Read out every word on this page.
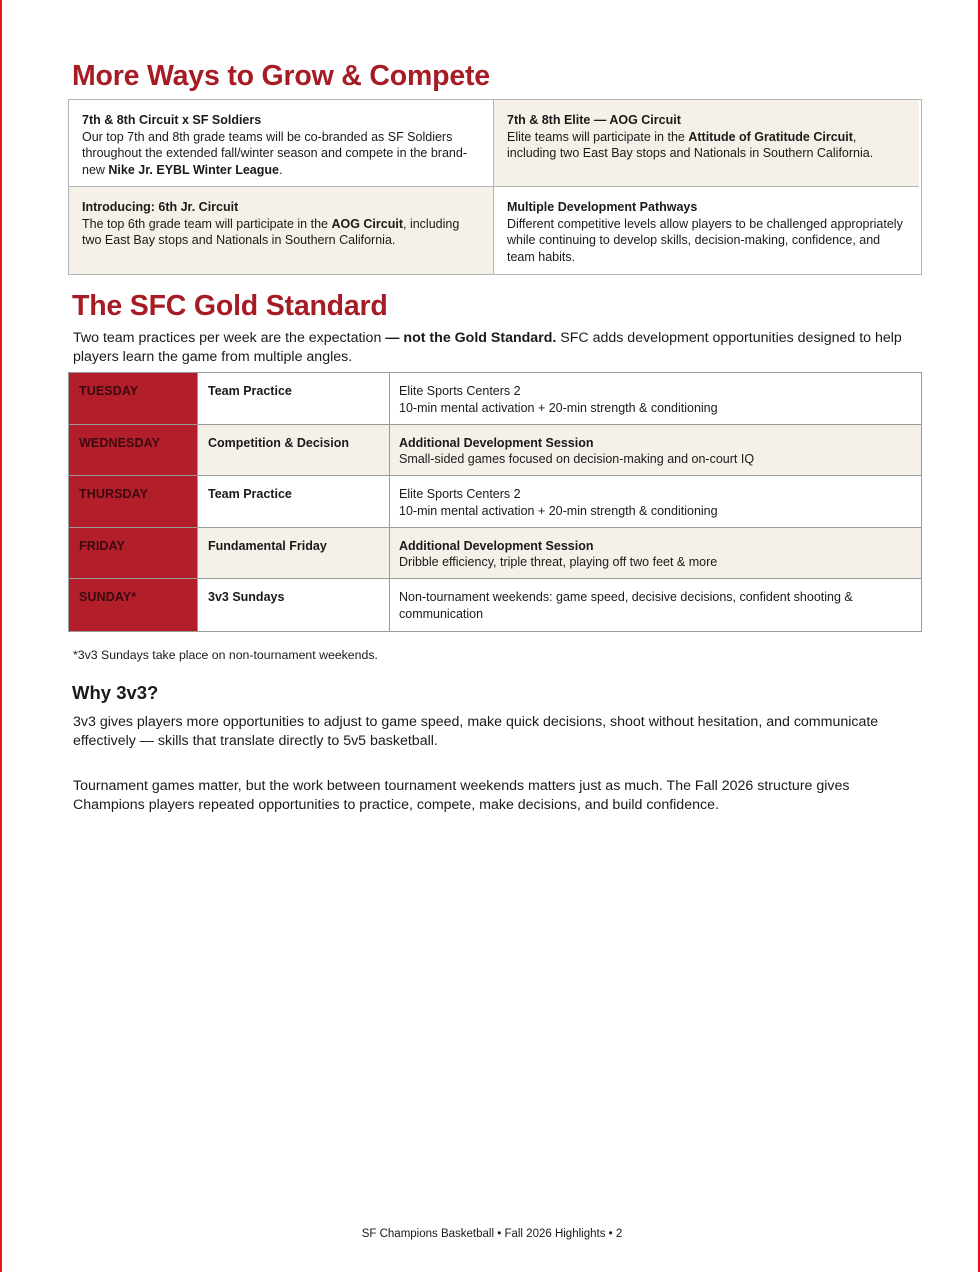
More Ways to Grow & Compete
7th & 8th Circuit x SF Soldiers
Our top 7th and 8th grade teams will be co-branded as SF Soldiers throughout the extended fall/winter season and compete in the brand-new Nike Jr. EYBL Winter League.
7th & 8th Elite — AOG Circuit
Elite teams will participate in the Attitude of Gratitude Circuit, including two East Bay stops and Nationals in Southern California.
Introducing: 6th Jr. Circuit
The top 6th grade team will participate in the AOG Circuit, including two East Bay stops and Nationals in Southern California.
Multiple Development Pathways
Different competitive levels allow players to be challenged appropriately while continuing to develop skills, decision-making, confidence, and team habits.
The SFC Gold Standard
Two team practices per week are the expectation — not the Gold Standard. SFC adds development opportunities designed to help players learn the game from multiple angles.
TUESDAY	Team Practice	Elite Sports Centers 2
10-min mental activation + 20-min strength & conditioning
WEDNESDAY	Competition & Decision	Additional Development Session
Small-sided games focused on decision-making and on-court IQ
THURSDAY	Team Practice	Elite Sports Centers 2
10-min mental activation + 20-min strength & conditioning
FRIDAY	Fundamental Friday	Additional Development Session
Dribble efficiency, triple threat, playing off two feet & more
SUNDAY*	3v3 Sundays	Non-tournament weekends: game speed, decisive decisions, confident shooting & communication
*3v3 Sundays take place on non-tournament weekends.
Why 3v3?

3v3 gives players more opportunities to adjust to game speed, make quick decisions, shoot without hesitation, and communicate effectively — skills that translate directly to 5v5 basketball.

Tournament games matter, but the work between tournament weekends matters just as much. The Fall 2026 structure gives Champions players repeated opportunities to practice, compete, make decisions, and build confidence.

SF Champions Basketball • Fall 2026 Highlights • 2
